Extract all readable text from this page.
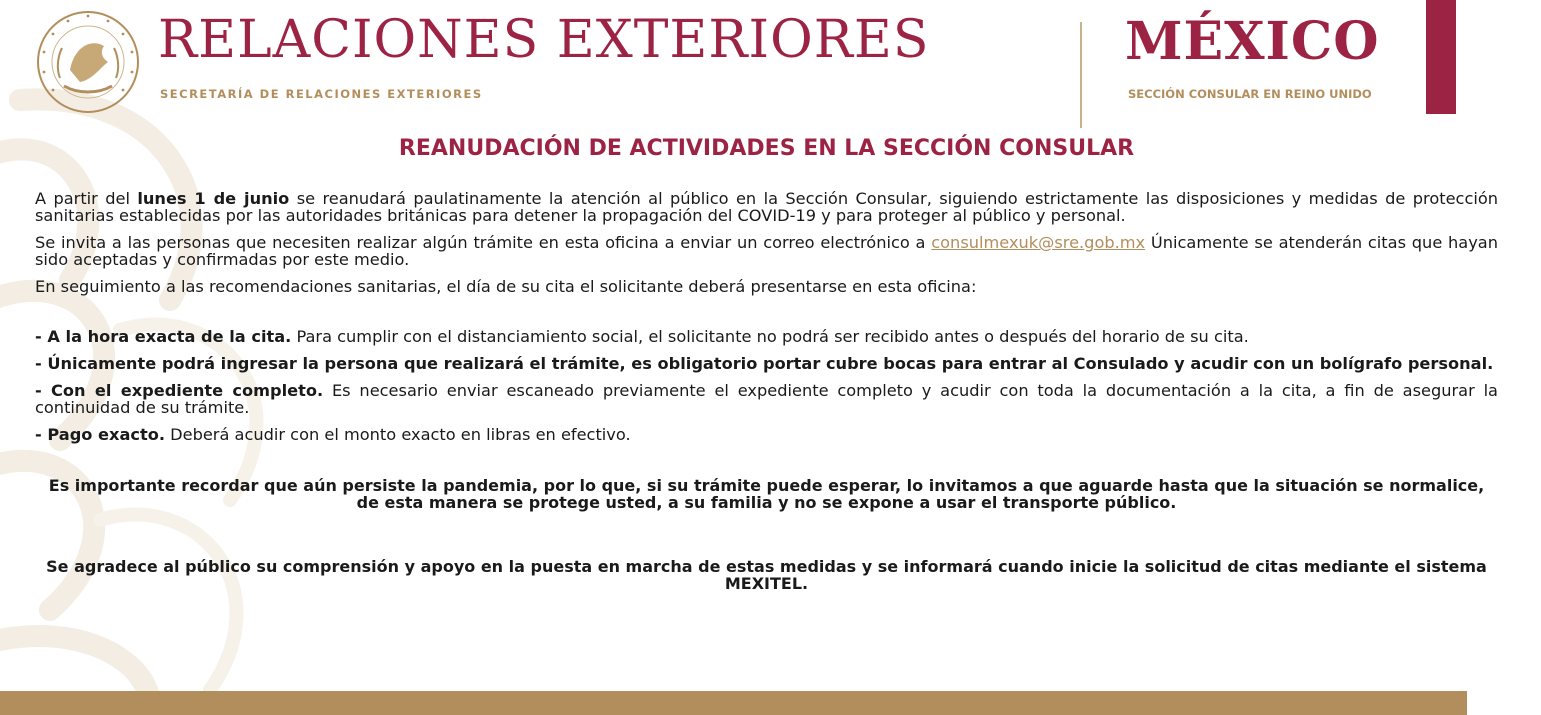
RELACIONES EXTERIORES
SECRETARÍA DE RELACIONES EXTERIORES
MÉXICO
SECCIÓN CONSULAR EN REINO UNIDO
REANUDACIÓN DE ACTIVIDADES EN LA SECCIÓN CONSULAR

A partir del lunes 1 de junio se reanudará paulatinamente la atención al público en la Sección Consular, siguiendo estrictamente las disposiciones y medidas de protección sanitarias establecidas por las autoridades británicas para detener la propagación del COVID-19 y para proteger al público y personal.

Se invita a las personas que necesiten realizar algún trámite en esta oficina a enviar un correo electrónico a consulmexuk@sre.gob.mx Únicamente se atenderán citas que hayan sido aceptadas y confirmadas por este medio.

En seguimiento a las recomendaciones sanitarias, el día de su cita el solicitante deberá presentarse en esta oficina:

- A la hora exacta de la cita. Para cumplir con el distanciamiento social, el solicitante no podrá ser recibido antes o después del horario de su cita.

- Únicamente podrá ingresar la persona que realizará el trámite, es obligatorio portar cubre bocas para entrar al Consulado y acudir con un bolígrafo personal.

- Con el expediente completo. Es necesario enviar escaneado previamente el expediente completo y acudir con toda la documentación a la cita, a fin de asegurar la continuidad de su trámite.

- Pago exacto. Deberá acudir con el monto exacto en libras en efectivo.

Es importante recordar que aún persiste la pandemia, por lo que, si su trámite puede esperar, lo invitamos a que aguarde hasta que la situación se normalice, de esta manera se protege usted, a su familia y no se expone a usar el transporte público.

Se agradece al público su comprensión y apoyo en la puesta en marcha de estas medidas y se informará cuando inicie la solicitud de citas mediante el sistema MEXITEL.
